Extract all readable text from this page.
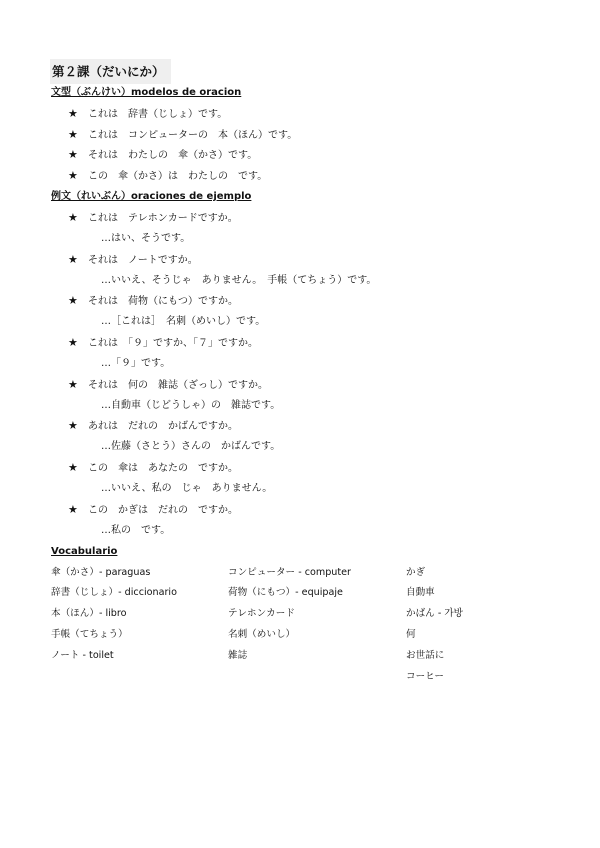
第２課（だいにか）
文型（ぶんけい）modelos de oracion
★ これは　辞書（じしょ）です。
★ これは　コンピューターの　本（ほん）です。
★ それは　わたしの　傘（かさ）です。
★ この　傘（かさ）は　わたしの　です。
例文（れいぶん）oraciones de ejemplo
★ これは　テレホンカードですか。
…はい、そうです。
★ それは　ノートですか。
…いいえ、そうじゃ　ありません。　手帳（てちょう）です。
★ それは　荷物（にもつ）ですか。
…［これは］　名刺（めいし）です。
★ これは　「９」ですか、「７」ですか。
…「９」です。
★ それは　何の　雑誌（ざっし）ですか。
…自動車（じどうしゃ）の　雑誌です。
★ あれは　だれの　かばんですか。
…佐藤（さとう）さんの　かばんです。
★ この　傘は　あなたの　ですか。
…いいえ、私の　じゃ　ありません。
★ この　かぎは　だれの　ですか。
…私の　です。
Vocabulario
傘（かさ）- paraguas
辞書（じしょ）- diccionario
本（ほん）- libro
手帳（てちょう）
ノート - toilet
コンピューター - computer
荷物（にもつ）- equipaje
テレホンカード
名刺（めいし）
雑誌
かぎ
自動車
かばん - 가방
何
お世話に
コーヒー
